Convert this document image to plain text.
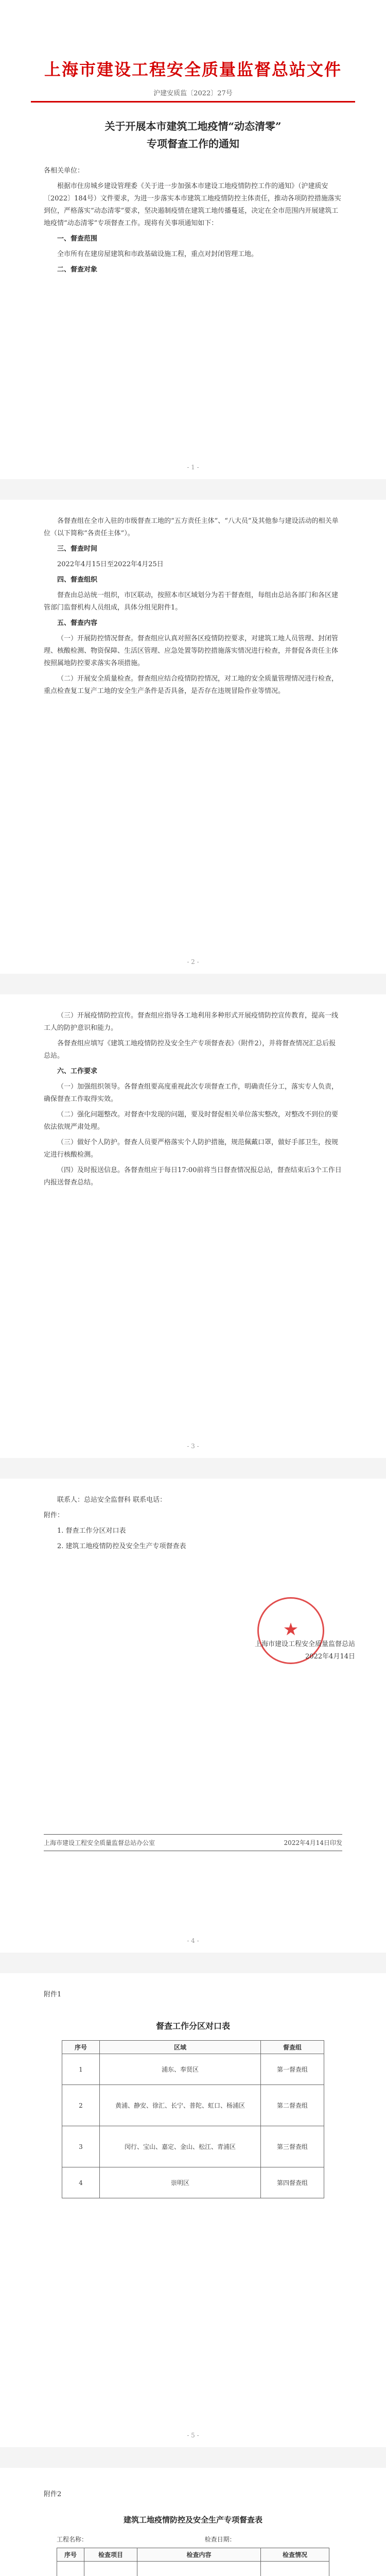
上海市建设工程安全质量监督总站文件
沪建安质监〔2022〕27号
关于开展本市建筑工地疫情“动态清零”
专项督查工作的通知

各相关单位：

根据市住房城乡建设管理委《关于进一步加强本市建设工地疫情防控工作的通知》（沪建质安〔2022〕184号）文件要求，为进一步落实本市建筑工地疫情防控主体责任，推动各项防控措施落实到位，严格落实“动态清零”要求，坚决遏制疫情在建筑工地传播蔓延，决定在全市范围内开展建筑工地疫情“动态清零”专项督查工作。现将有关事项通知如下：

一、督查范围

全市所有在建房屋建筑和市政基础设施工程，重点对封闭管理工地。

二、督查对象

- 1 -

各督查组在全市入驻的市级督查工地的“五方责任主体”、“八大员”及其他参与建设活动的相关单位（以下简称“各责任主体”）。

三、督查时间

2022年4月15日至2022年4月25日

四、督查组织

督查由总站统一组织，市区联动，按照本市区域划分为若干督查组，每组由总站各部门和各区建管部门监督机构人员组成，具体分组见附件1。

五、督查内容

（一）开展防控情况督查。督查组应认真对照各区疫情防控要求，对建筑工地人员管理、封闭管理、核酸检测、物资保障、生活区管理、应急处置等防控措施落实情况进行检查，并督促各责任主体按照属地防控要求落实各项措施。

（二）开展安全质量检查。督查组应结合疫情防控情况，对工地的安全质量管理情况进行检查，重点检查复工复产工地的安全生产条件是否具备，是否存在违规冒险作业等情况。

- 2 -

（三）开展疫情防控宣传。督查组应指导各工地利用多种形式开展疫情防控宣传教育，提高一线工人的防护意识和能力。

各督查组应填写《建筑工地疫情防控及安全生产专项督查表》（附件2），并将督查情况汇总后报总站。

六、工作要求

（一）加强组织领导。各督查组要高度重视此次专项督查工作，明确责任分工，落实专人负责，确保督查工作取得实效。

（二）强化问题整改。对督查中发现的问题，要及时督促相关单位落实整改，对整改不到位的要依法依规严肃处理。

（三）做好个人防护。督查人员要严格落实个人防护措施，规范佩戴口罩，做好手部卫生，按规定进行核酸检测。

（四）及时报送信息。各督查组应于每日17:00前将当日督查情况报总站，督查结束后3个工作日内报送督查总结。

- 3 -

联系人：总站安全监督科 联系电话：

附件：

1. 督查工作分区对口表

2. 建筑工地疫情防控及安全生产专项督查表

★
上海市建设工程安全质量监督总站
2022年4月14日
上海市建设工程安全质量监督总站办公室	2022年4月14日印发
- 4 -
附件1
督查工作分区对口表
序号	区域	督查组
1	浦东、奉贤区	第一督查组
2	黄浦、静安、徐汇、长宁、普陀、虹口、杨浦区	第二督查组
3	闵行、宝山、嘉定、金山、松江、青浦区	第三督查组
4	崇明区	第四督查组
- 5 -
附件2
建筑工地疫情防控及安全生产专项督查表
工程名称：	检查日期：
序号	检查项目	检查内容	检查情况
